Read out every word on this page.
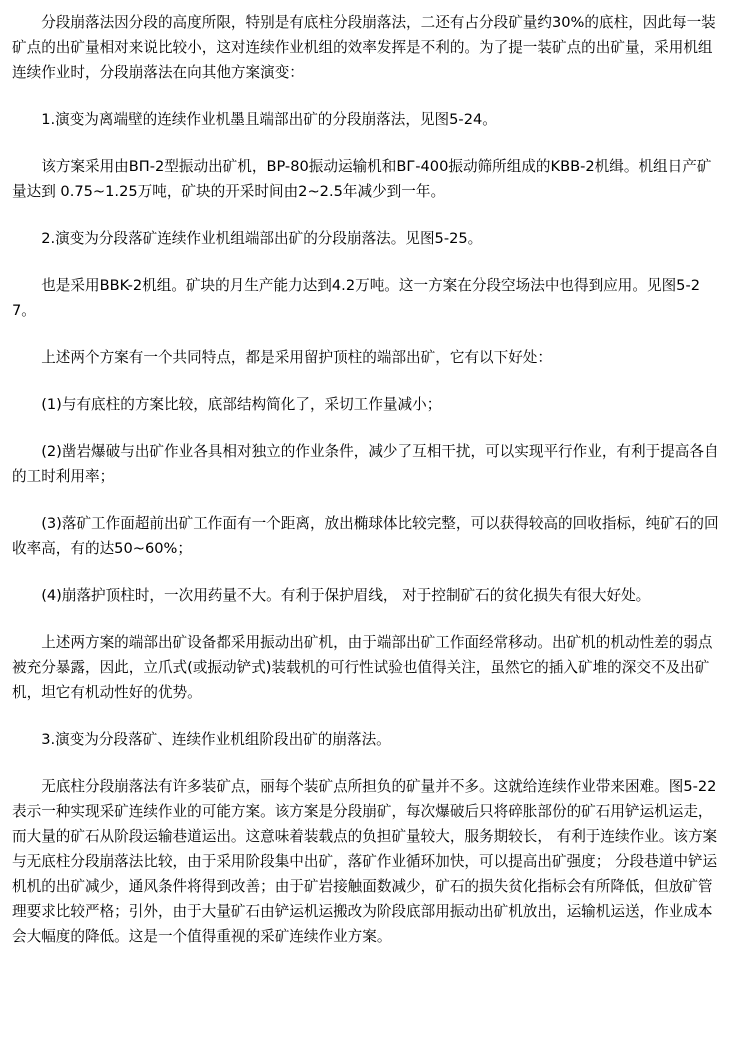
分段崩落法因分段的高度所限，特别是有底柱分段崩落法，二还有占分段矿量约30%的底柱，因此每一装矿点的出矿量相对来说比较小，这对连续作业机组的效率发挥是不利的。为了提一装矿点的出矿量，采用机组连续作业时，分段崩落法在向其他方案演变：

1.演变为离端壁的连续作业机墨且端部出矿的分段崩落法，见图5-24。

该方案采用由BП-2型振动出矿机，BP-80振动运输机和BГ-400振动筛所组成的KBB-2机缉。机组日产矿量达到 0.75~1.25万吨，矿块的开采时间由2~2.5年减少到一年。

2.演变为分段落矿连续作业机组端部出矿的分段崩落法。见图5-25。

也是采用BBK-2机组。矿块的月生产能力达到4.2万吨。这一方案在分段空场法中也得到应用。见图5-27。

上述两个方案有一个共同特点，都是采用留护顶柱的端部出矿，它有以下好处：

(1)与有底柱的方案比较，底部结构简化了，采切工作量减小；

(2)凿岩爆破与出矿作业各具相对独立的作业条件，减少了互相干扰，可以实现平行作业，有利于提高各自的工时利用率；

(3)落矿工作面超前出矿工作面有一个距离，放出椭球体比较完整，可以获得较高的回收指标，纯矿石的回收率高，有的达50~60%；

(4)崩落护顶柱时，一次用药量不大。有利于保护眉线， 对于控制矿石的贫化损失有很大好处。

上述两方案的端部出矿设备都采用振动出矿机，由于端部出矿工作面经常移动。出矿机的机动性差的弱点被充分暴露，因此，立爪式(或振动铲式)装载机的可行性试验也值得关注，虽然它的插入矿堆的深交不及出矿机，坦它有机动性好的优势。

3.演变为分段落矿、连续作业机组阶段出矿的崩落法。

无底柱分段崩落法有许多装矿点，丽每个装矿点所担负的矿量并不多。这就给连续作业带来困难。图5-22表示一种实现采矿连续作业的可能方案。该方案是分段崩矿，每次爆破后只将碎胀部份的矿石用铲运机运走，而大量的矿石从阶段运输巷道运出。这意味着装载点的负担矿量较大，服务期较长， 有利于连续作业。该方案与无底柱分段崩落法比较，由于采用阶段集中出矿，落矿作业循环加快，可以提高出矿强度； 分段巷道中铲运机机的出矿减少，通风条件将得到改善；由于矿岩接触面数减少，矿石的损失贫化指标会有所降低，但放矿管理要求比较严格；引外，由于大量矿石由铲运机运搬改为阶段底部用振动出矿机放出，运输机运送，作业成本会大幅度的降低。这是一个值得重视的采矿连续作业方案。
